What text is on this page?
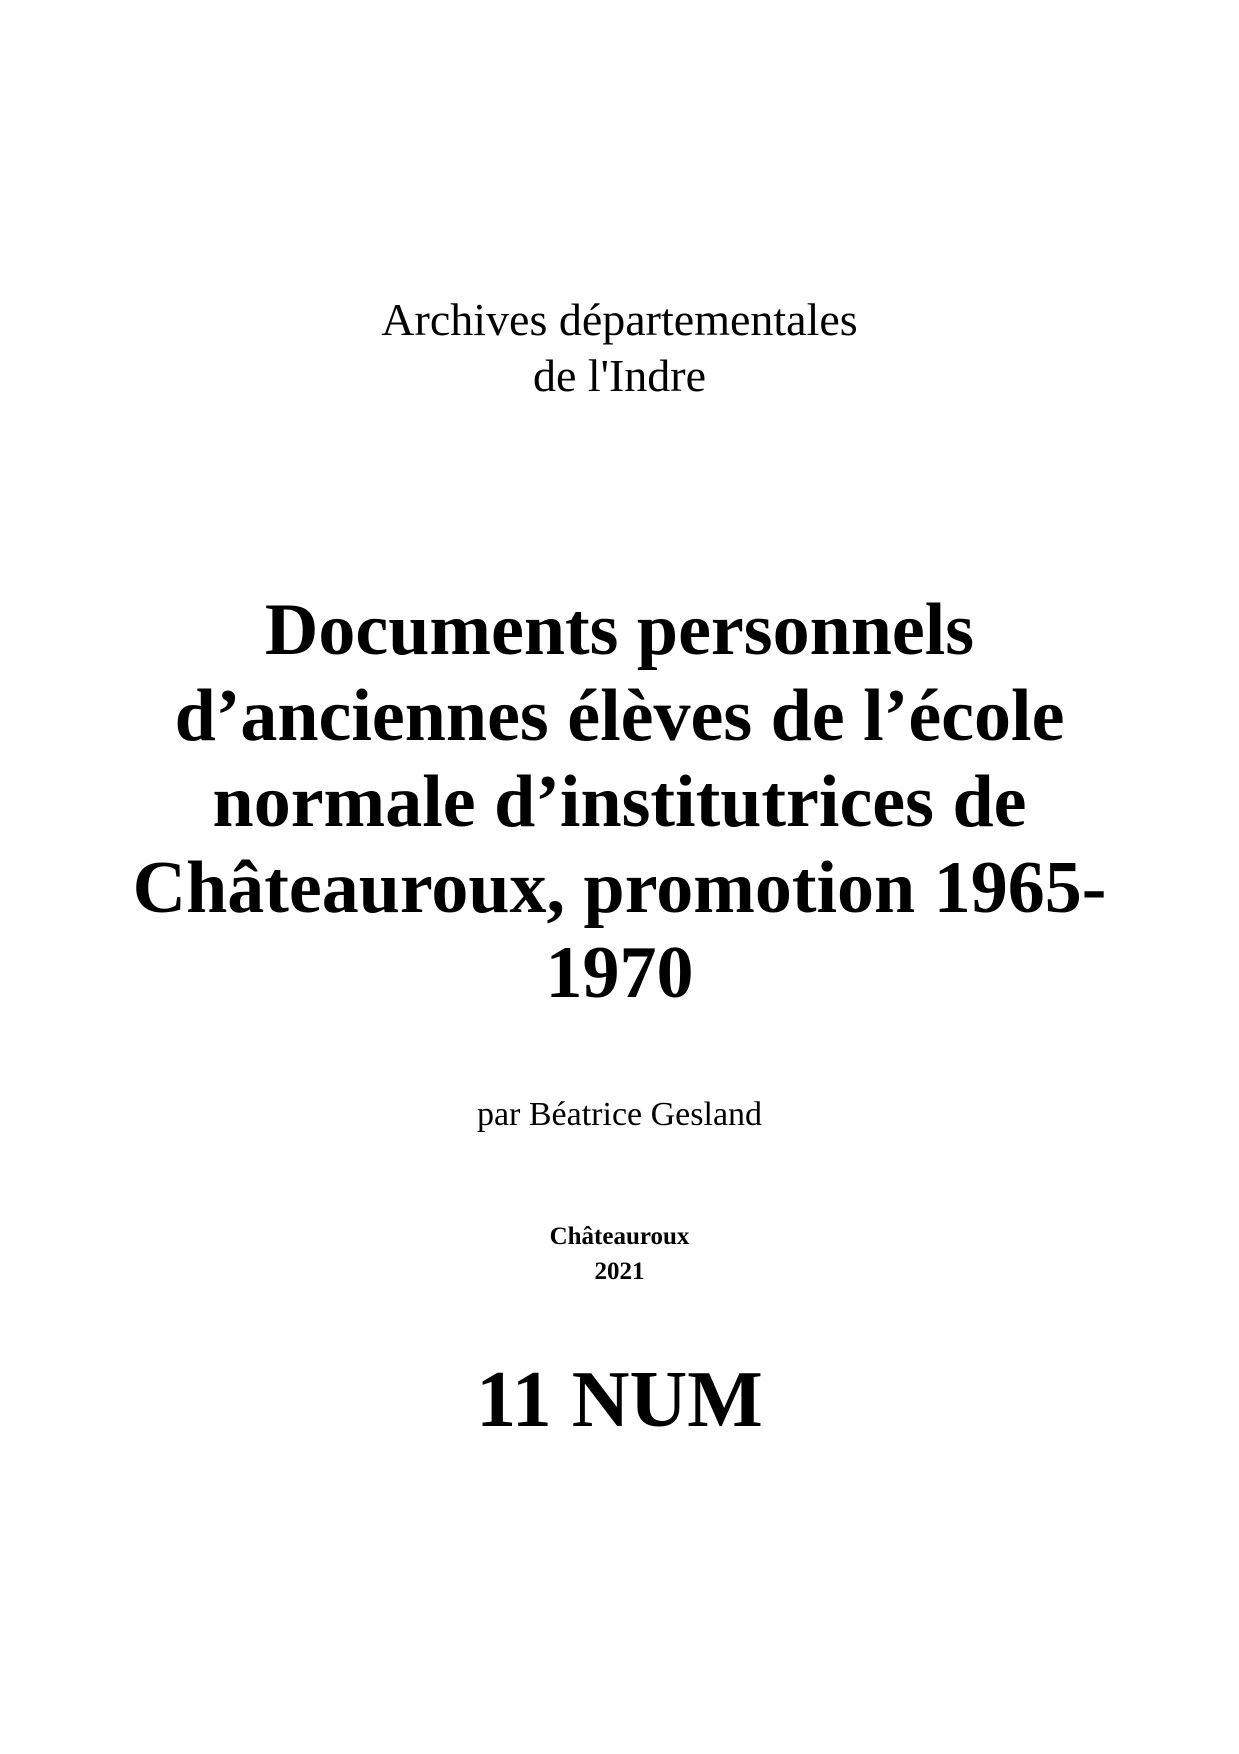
Archives départementales

de l'Indre

Documents personnels

d’anciennes élèves de l’école

normale d’institutrices de

Châteauroux, promotion 1965-

1970

par Béatrice Gesland

Châteauroux

2021

11 NUM
